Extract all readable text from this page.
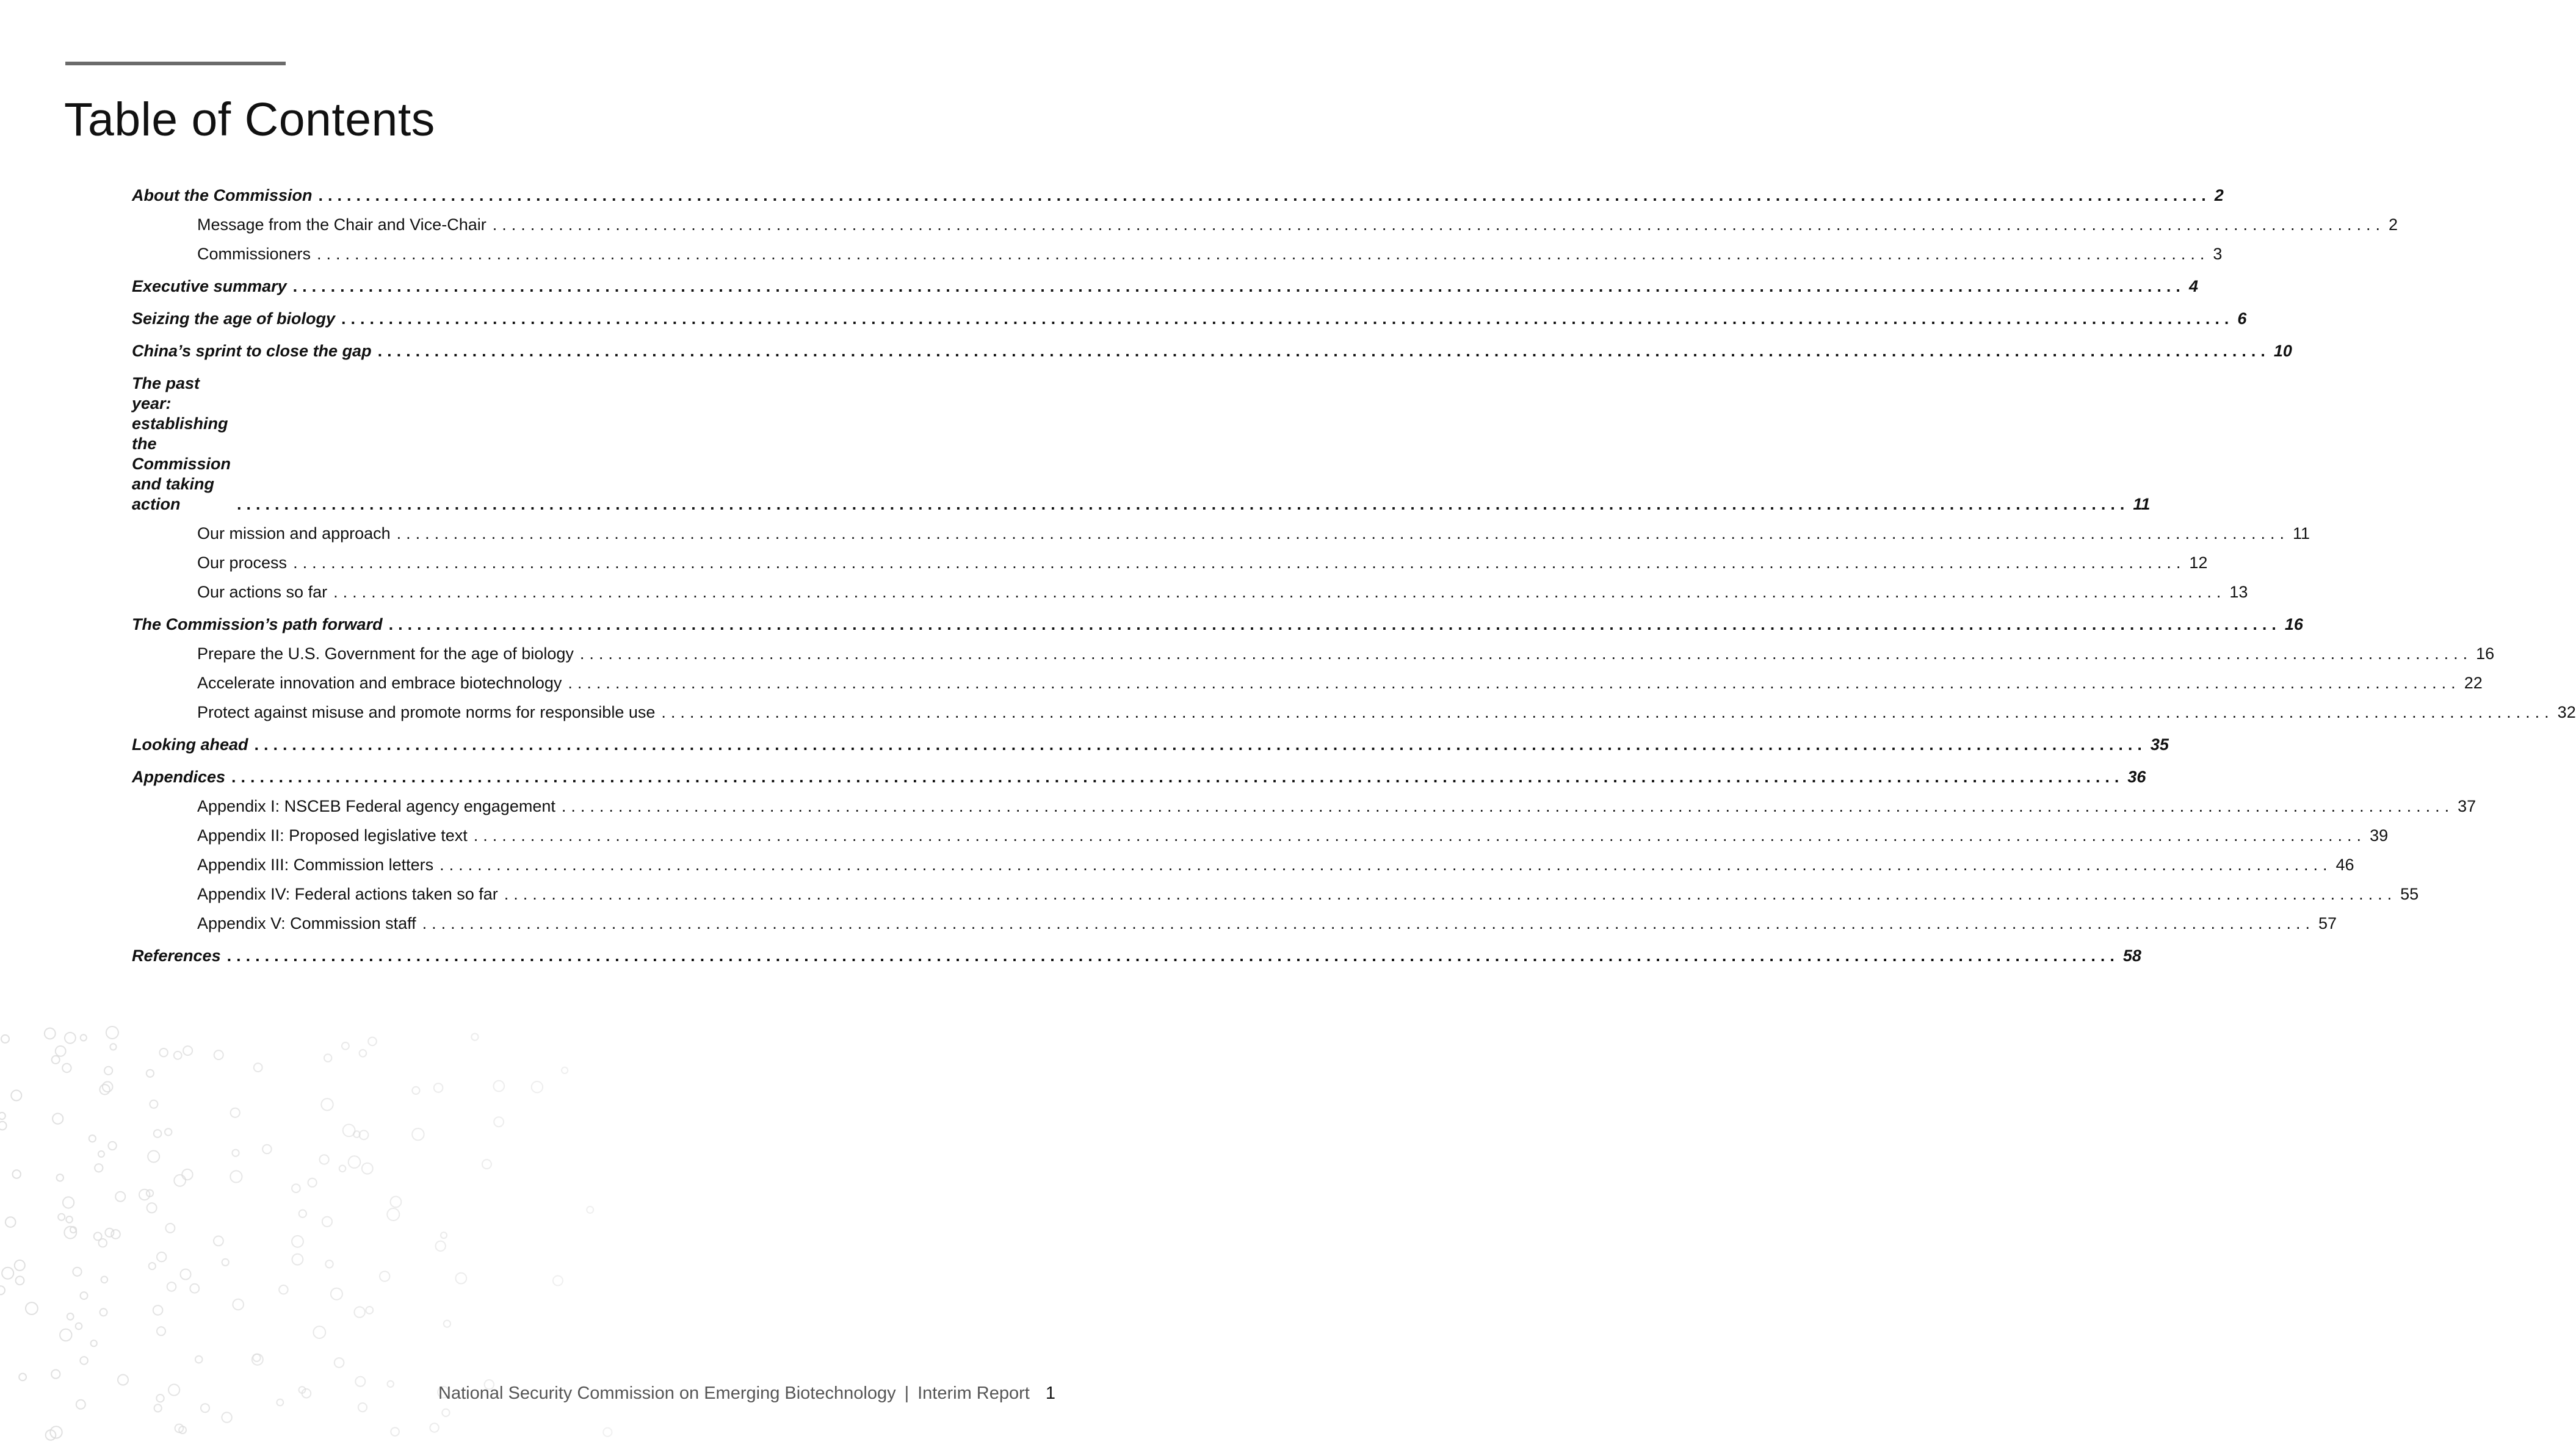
Table of Contents
About the Commission ........................................................................................................................................................................................................ 2
Message from the Chair and Vice-Chair ........................................................................................................................................................................................................ 2
Commissioners ........................................................................................................................................................................................................ 3
Executive summary ........................................................................................................................................................................................................ 4
Seizing the age of biology ........................................................................................................................................................................................................ 6
China’s sprint to close the gap ........................................................................................................................................................................................................ 10
The past year: establishing the Commission and taking action	........................................................................................................................................................................................................ 11
Our mission and approach ........................................................................................................................................................................................................ 11
Our process ........................................................................................................................................................................................................ 12
Our actions so far ........................................................................................................................................................................................................ 13
The Commission’s path forward ........................................................................................................................................................................................................ 16
Prepare the U.S. Government for the age of biology ........................................................................................................................................................................................................ 16
Accelerate innovation and embrace biotechnology ........................................................................................................................................................................................................ 22
Protect against misuse and promote norms for responsible use ........................................................................................................................................................................................................ 32
Looking ahead ........................................................................................................................................................................................................ 35
Appendices ........................................................................................................................................................................................................ 36
Appendix I: NSCEB Federal agency engagement ........................................................................................................................................................................................................ 37
Appendix II: Proposed legislative text ........................................................................................................................................................................................................ 39
Appendix III: Commission letters ........................................................................................................................................................................................................ 46
Appendix IV: Federal actions taken so far ........................................................................................................................................................................................................ 55
Appendix V: Commission staff ........................................................................................................................................................................................................ 57
References ........................................................................................................................................................................................................ 58
National Security Commission on Emerging Biotechnology | Interim Report 1
